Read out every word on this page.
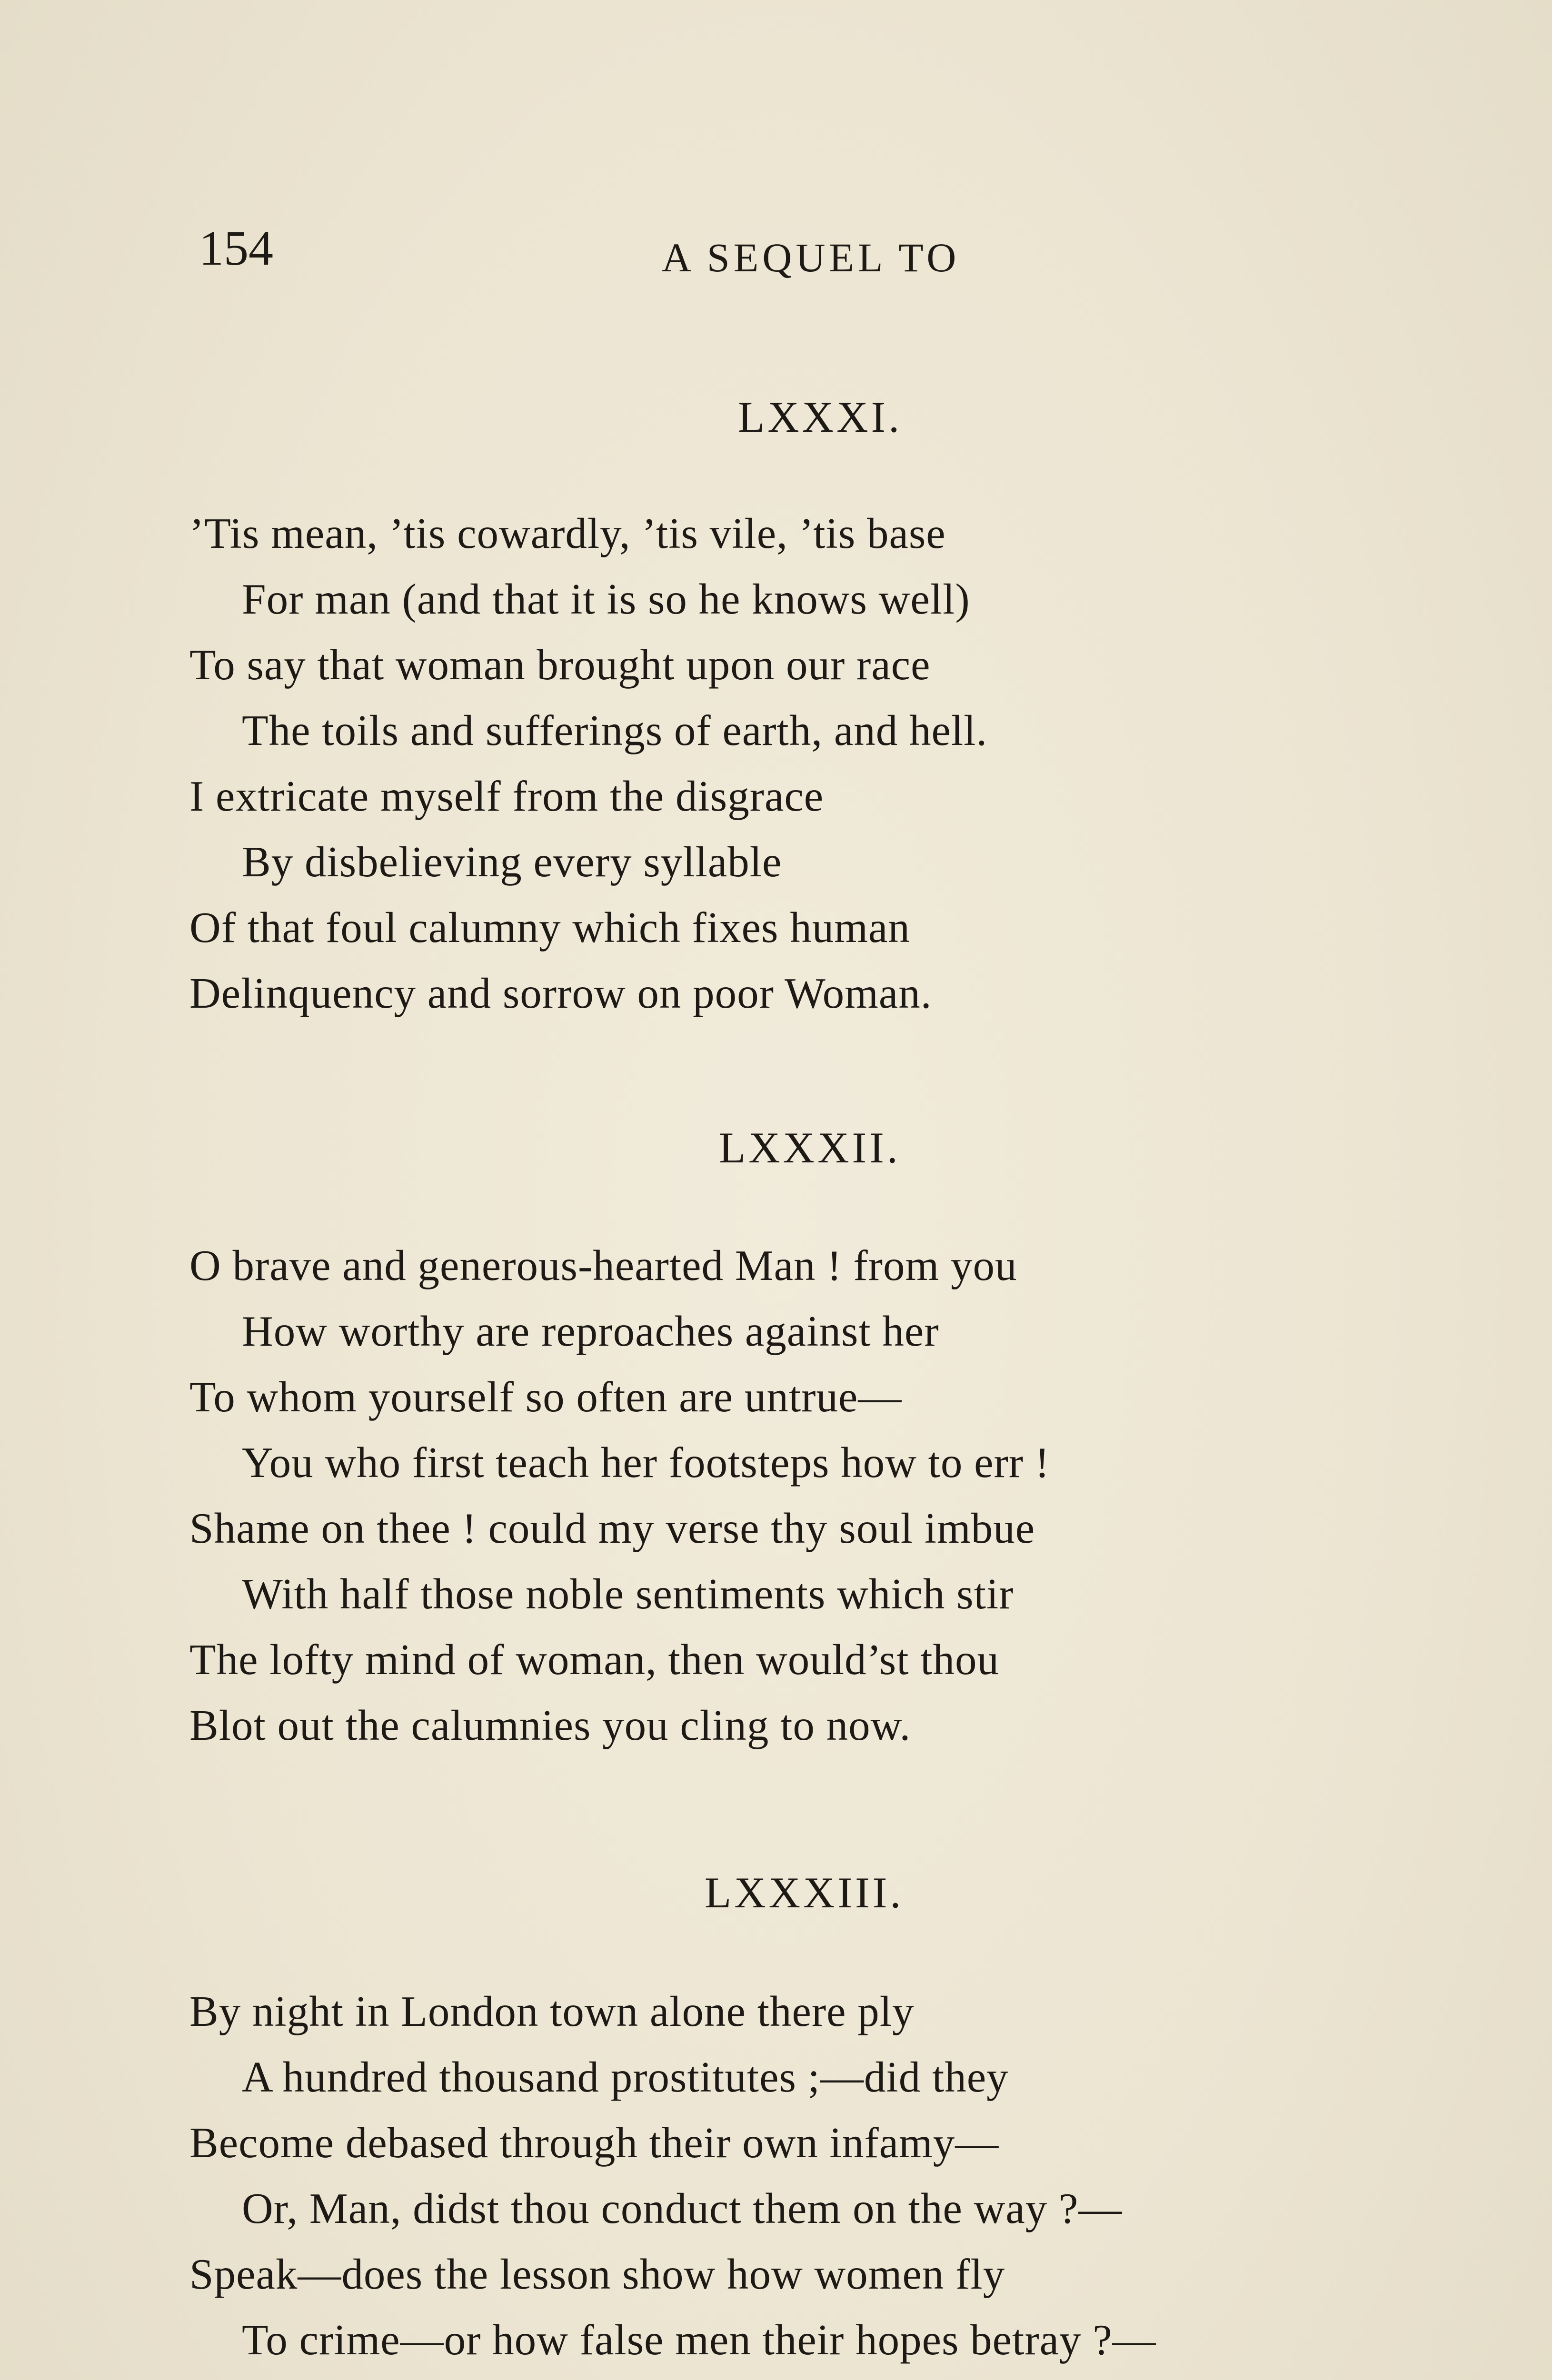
154	A SEQUEL TO
LXXXI.
’Tis mean, ’tis cowardly, ’tis vile, ’tis base
For man (and that it is so he knows well)
To say that woman brought upon our race
The toils and sufferings of earth, and hell.
I extricate myself from the disgrace
By disbelieving every syllable
Of that foul calumny which fixes human
Delinquency and sorrow on poor Woman.
LXXXII.
O brave and generous-hearted Man ! from you
How worthy are reproaches against her
To whom yourself so often are untrue—
You who first teach her footsteps how to err !
Shame on thee ! could my verse thy soul imbue
With half those noble sentiments which stir
The lofty mind of woman, then would’st thou
Blot out the calumnies you cling to now.
LXXXIII.
By night in London town alone there ply
A hundred thousand prostitutes ;—did they
Become debased through their own infamy—
Or, Man, didst thou conduct them on the way ?—
Speak—does the lesson show how women fly
To crime—or how false men their hopes betray ?—
